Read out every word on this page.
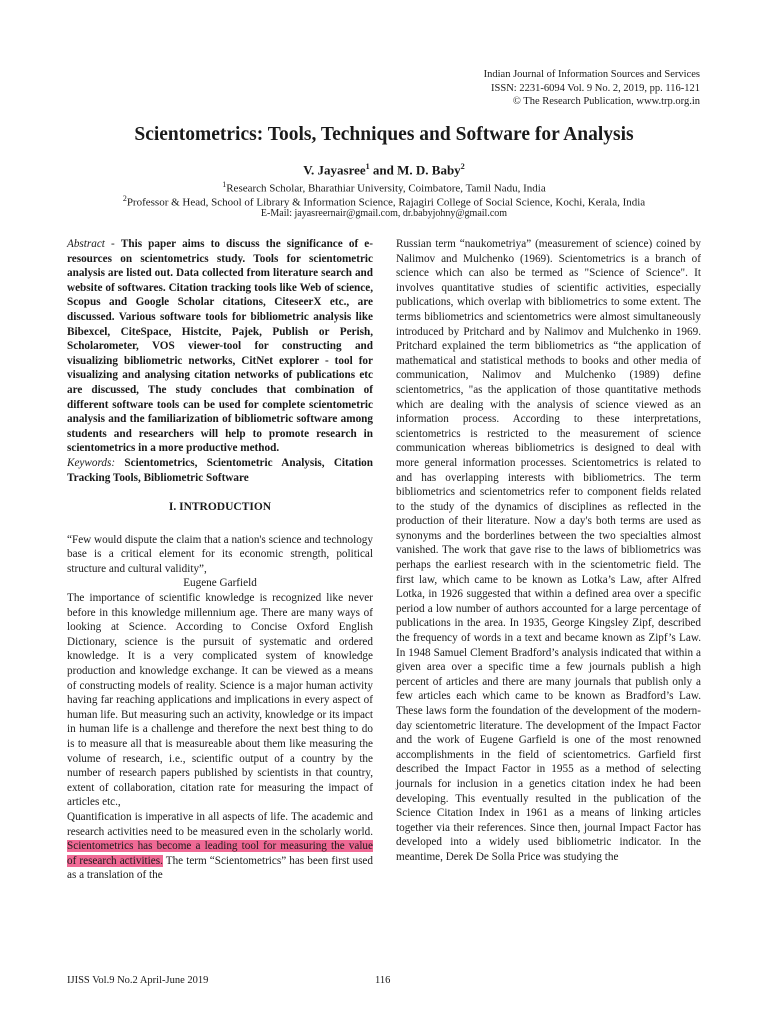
Indian Journal of Information Sources and Services
ISSN: 2231-6094 Vol. 9 No. 2, 2019, pp. 116-121
© The Research Publication, www.trp.org.in
Scientometrics: Tools, Techniques and Software for Analysis
V. Jayasree$^1$ and M. D. Baby$^2$
$^1$Research Scholar, Bharathiar University, Coimbatore, Tamil Nadu, India
$^2$Professor & Head, School of Library & Information Science, Rajagiri College of Social Science, Kochi, Kerala, India
E-Mail: jayasreernair@gmail.com, dr.babyjohny@gmail.com

Abstract - This paper aims to discuss the significance of e-resources on scientometrics study. Tools for scientometric analysis are listed out. Data collected from literature search and website of softwares. Citation tracking tools like Web of science, Scopus and Google Scholar citations, CiteseerX etc., are discussed. Various software tools for bibliometric analysis like Bibexcel, CiteSpace, Histcite, Pajek, Publish or Perish, Scholarometer, VOS viewer-tool for constructing and visualizing bibliometric networks, CitNet explorer - tool for visualizing and analysing citation networks of publications etc are discussed, The study concludes that combination of different software tools can be used for complete scientometric analysis and the familiarization of bibliometric software among students and researchers will help to promote research in scientometrics in a more productive method.

Keywords: Scientometrics, Scientometric Analysis, Citation Tracking Tools, Bibliometric Software

I. INTRODUCTION

“Few would dispute the claim that a nation's science and technology base is a critical element for its economic strength, political structure and cultural validity”,

Eugene Garfield

The importance of scientific knowledge is recognized like never before in this knowledge millennium age. There are many ways of looking at Science. According to Concise Oxford English Dictionary, science is the pursuit of systematic and ordered knowledge. It is a very complicated system of knowledge production and knowledge exchange. It can be viewed as a means of constructing models of reality. Science is a major human activity having far reaching applications and implications in every aspect of human life. But measuring such an activity, knowledge or its impact in human life is a challenge and therefore the next best thing to do is to measure all that is measureable about them like measuring the volume of research, i.e., scientific output of a country by the number of research papers published by scientists in that country, extent of collaboration, citation rate for measuring the impact of articles etc.,

Quantification is imperative in all aspects of life. The academic and research activities need to be measured even in the scholarly world. Scientometrics has become a leading tool for measuring the value of research activities. The term “Scientometrics” has been first used as a translation of the

Russian term “naukometriya” (measurement of science) coined by Nalimov and Mulchenko (1969). Scientometrics is a branch of science which can also be termed as "Science of Science". It involves quantitative studies of scientific activities, especially publications, which overlap with bibliometrics to some extent. The terms bibliometrics and scientometrics were almost simultaneously introduced by Pritchard and by Nalimov and Mulchenko in 1969. Pritchard explained the term bibliometrics as “the application of mathematical and statistical methods to books and other media of communication, Nalimov and Mulchenko (1989) define scientometrics, "as the application of those quantitative methods which are dealing with the analysis of science viewed as an information process. According to these interpretations, scientometrics is restricted to the measurement of science communication whereas bibliometrics is designed to deal with more general information processes. Scientometrics is related to and has overlapping interests with bibliometrics. The term bibliometrics and scientometrics refer to component fields related to the study of the dynamics of disciplines as reflected in the production of their literature. Now a day's both terms are used as synonyms and the borderlines between the two specialties almost vanished. The work that gave rise to the laws of bibliometrics was perhaps the earliest research with in the scientometric field. The first law, which came to be known as Lotka’s Law, after Alfred Lotka, in 1926 suggested that within a defined area over a specific period a low number of authors accounted for a large percentage of publications in the area. In 1935, George Kingsley Zipf, described the frequency of words in a text and became known as Zipf’s Law. In 1948 Samuel Clement Bradford’s analysis indicated that within a given area over a specific time a few journals publish a high percent of articles and there are many journals that publish only a few articles each which came to be known as Bradford’s Law. These laws form the foundation of the development of the modern-day scientometric literature. The development of the Impact Factor and the work of Eugene Garfield is one of the most renowned accomplishments in the field of scientometrics. Garfield first described the Impact Factor in 1955 as a method of selecting journals for inclusion in a genetics citation index he had been developing. This eventually resulted in the publication of the Science Citation Index in 1961 as a means of linking articles together via their references. Since then, journal Impact Factor has developed into a widely used bibliometric indicator. In the meantime, Derek De Solla Price was studying the

IJISS Vol.9 No.2 April-June 2019	116
